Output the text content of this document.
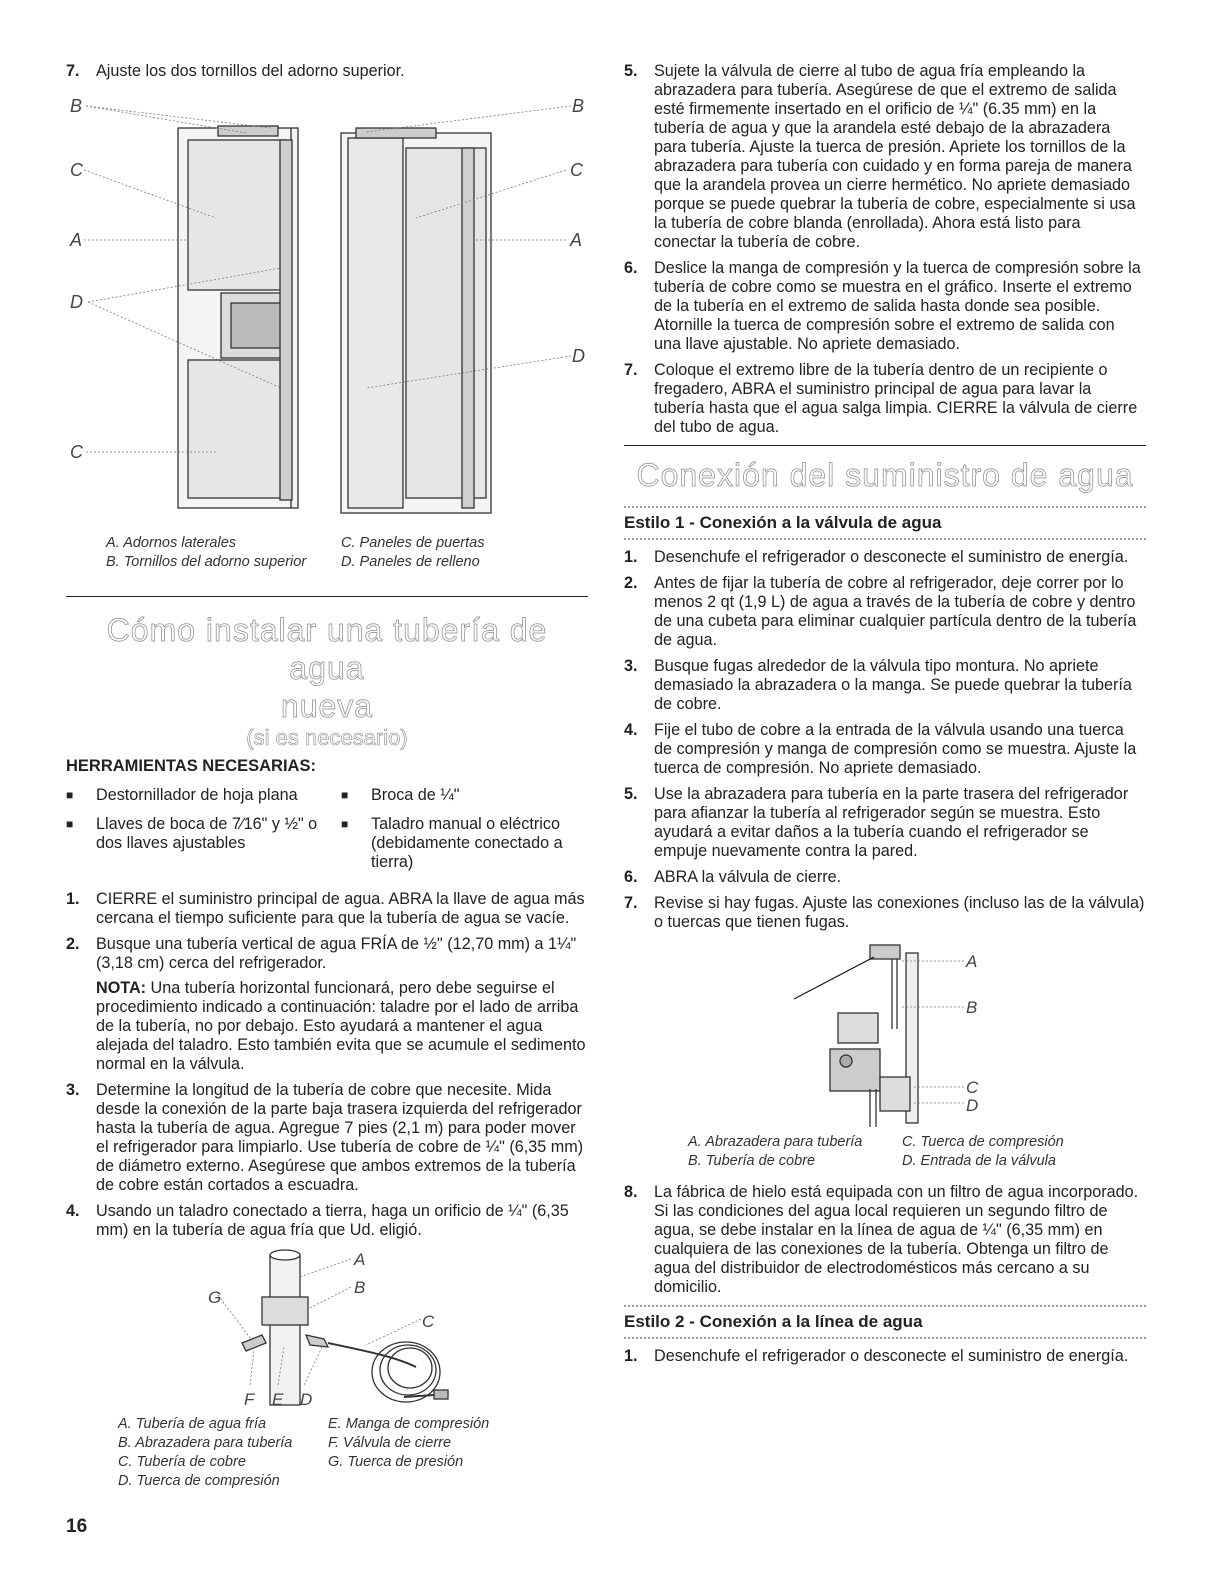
7.	Ajuste los dos tornillos del adorno superior.
B	B
C	C
A	A
D
D
C
A. Adornos laterales	C. Paneles de puertas
B. Tornillos del adorno superior	D. Paneles de relleno
Cómo instalar una tubería de agua
nueva
(si es necesario)
HERRAMIENTAS NECESARIAS:
■	Destornillador de hoja plana	■	Broca de ¼"
■	Llaves de boca de 7⁄16" y ½" o dos llaves ajustables
■	Taladro manual o eléctrico (debidamente conectado a tierra)
1.	CIERRE el suministro principal de agua. ABRA la llave de agua más cercana el tiempo suficiente para que la tubería de agua se vacíe.
2.	Busque una tubería vertical de agua FRÍA de ½" (12,70 mm) a 1¼" (3,18 cm) cerca del refrigerador.
NOTA: Una tubería horizontal funcionará, pero debe seguirse el procedimiento indicado a continuación: taladre por el lado de arriba de la tubería, no por debajo. Esto ayudará a mantener el agua alejada del taladro. Esto también evita que se acumule el sedimento normal en la válvula.
3.	Determine la longitud de la tubería de cobre que necesite. Mida desde la conexión de la parte baja trasera izquierda del refrigerador hasta la tubería de agua. Agregue 7 pies (2,1 m) para poder mover el refrigerador para limpiarlo. Use tubería de cobre de ¼" (6,35 mm) de diámetro externo. Asegúrese que ambos extremos de la tubería de cobre están cortados a escuadra.
4.	Usando un taladro conectado a tierra, haga un orificio de ¼" (6,35 mm) en la tubería de agua fría que Ud. eligió.
A
B
C
G
F E D
A. Tubería de agua fría	E. Manga de compresión
B. Abrazadera para tubería	F. Válvula de cierre
C. Tubería de cobre	G. Tuerca de presión
D. Tuerca de compresión
5.	Sujete la válvula de cierre al tubo de agua fría empleando la abrazadera para tubería. Asegúrese de que el extremo de salida esté firmemente insertado en el orificio de ¼" (6.35 mm) en la tubería de agua y que la arandela esté debajo de la abrazadera para tubería. Ajuste la tuerca de presión. Apriete los tornillos de la abrazadera para tubería con cuidado y en forma pareja de manera que la arandela provea un cierre hermético. No apriete demasiado porque se puede quebrar la tubería de cobre, especialmente si usa la tubería de cobre blanda (enrollada). Ahora está listo para conectar la tubería de cobre.
6.	Deslice la manga de compresión y la tuerca de compresión sobre la tubería de cobre como se muestra en el gráfico. Inserte el extremo de la tubería en el extremo de salida hasta donde sea posible. Atornille la tuerca de compresión sobre el extremo de salida con una llave ajustable. No apriete demasiado.
7.	Coloque el extremo libre de la tubería dentro de un recipiente o fregadero, ABRA el suministro principal de agua para lavar la tubería hasta que el agua salga limpia. CIERRE la válvula de cierre del tubo de agua.
Conexión del suministro de agua
Estilo 1 - Conexión a la válvula de agua
1.	Desenchufe el refrigerador o desconecte el suministro de energía.
2.	Antes de fijar la tubería de cobre al refrigerador, deje correr por lo menos 2 qt (1,9 L) de agua a través de la tubería de cobre y dentro de una cubeta para eliminar cualquier partícula dentro de la tubería de agua.
3.	Busque fugas alrededor de la válvula tipo montura. No apriete demasiado la abrazadera o la manga. Se puede quebrar la tubería de cobre.
4.	Fije el tubo de cobre a la entrada de la válvula usando una tuerca de compresión y manga de compresión como se muestra. Ajuste la tuerca de compresión. No apriete demasiado.
5.	Use la abrazadera para tubería en la parte trasera del refrigerador para afianzar la tubería al refrigerador según se muestra. Esto ayudará a evitar daños a la tubería cuando el refrigerador se empuje nuevamente contra la pared.
6.	ABRA la válvula de cierre.
7.	Revise si hay fugas. Ajuste las conexiones (incluso las de la válvula) o tuercas que tienen fugas.
A
B
C
D
A. Abrazadera para tubería	C. Tuerca de compresión
B. Tubería de cobre	D. Entrada de la válvula
8.	La fábrica de hielo está equipada con un filtro de agua incorporado. Si las condiciones del agua local requieren un segundo filtro de agua, se debe instalar en la línea de agua de ¼" (6,35 mm) en cualquiera de las conexiones de la tubería. Obtenga un filtro de agua del distribuidor de electrodomésticos más cercano a su domicilio.
Estilo 2 - Conexión a la línea de agua
1.	Desenchufe el refrigerador o desconecte el suministro de energía.
16
